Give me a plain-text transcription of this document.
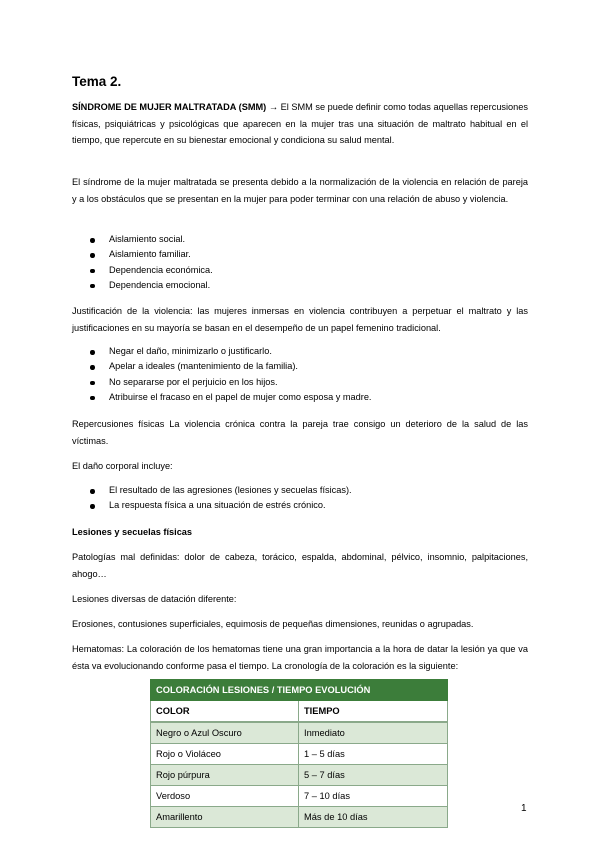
Tema 2.

SÍNDROME DE MUJER MALTRATADA (SMM) → El SMM se puede definir como todas aquellas repercusiones físicas, psiquiátricas y psicológicas que aparecen en la mujer tras una situación de maltrato habitual en el tiempo, que repercute en su bienestar emocional y condiciona su salud mental.

El síndrome de la mujer maltratada se presenta debido a la normalización de la violencia en relación de pareja y a los obstáculos que se presentan en la mujer para poder terminar con una relación de abuso y violencia.

Aislamiento social.
Aislamiento familiar.
Dependencia económica.
Dependencia emocional.

Justificación de la violencia: las mujeres inmersas en violencia contribuyen a perpetuar el maltrato y las justificaciones en su mayoría se basan en el desempeño de un papel femenino tradicional.

Negar el daño, minimizarlo o justificarlo.
Apelar a ideales (mantenimiento de la familia).
No separarse por el perjuicio en los hijos.
Atribuirse el fracaso en el papel de mujer como esposa y madre.

Repercusiones físicas La violencia crónica contra la pareja trae consigo un deterioro de la salud de las víctimas.

El daño corporal incluye:

El resultado de las agresiones (lesiones y secuelas físicas).
La respuesta física a una situación de estrés crónico.

Lesiones y secuelas físicas

Patologías mal definidas: dolor de cabeza, torácico, espalda, abdominal, pélvico, insomnio, palpitaciones, ahogo…

Lesiones diversas de datación diferente:

Erosiones, contusiones superficiales, equimosis de pequeñas dimensiones, reunidas o agrupadas.

Hematomas: La coloración de los hematomas tiene una gran importancia a la hora de datar la lesión ya que va ésta va evolucionando conforme pasa el tiempo. La cronología de la coloración es la siguiente:

COLORACIÓN LESIONES / TIEMPO EVOLUCIÓN	
COLOR	TIEMPO
Negro o Azul Oscuro	Inmediato
Rojo o Violáceo	1 – 5 días
Rojo púrpura	5 – 7 días
Verdoso	7 – 10 días
Amarillento	Más de 10 días
1
